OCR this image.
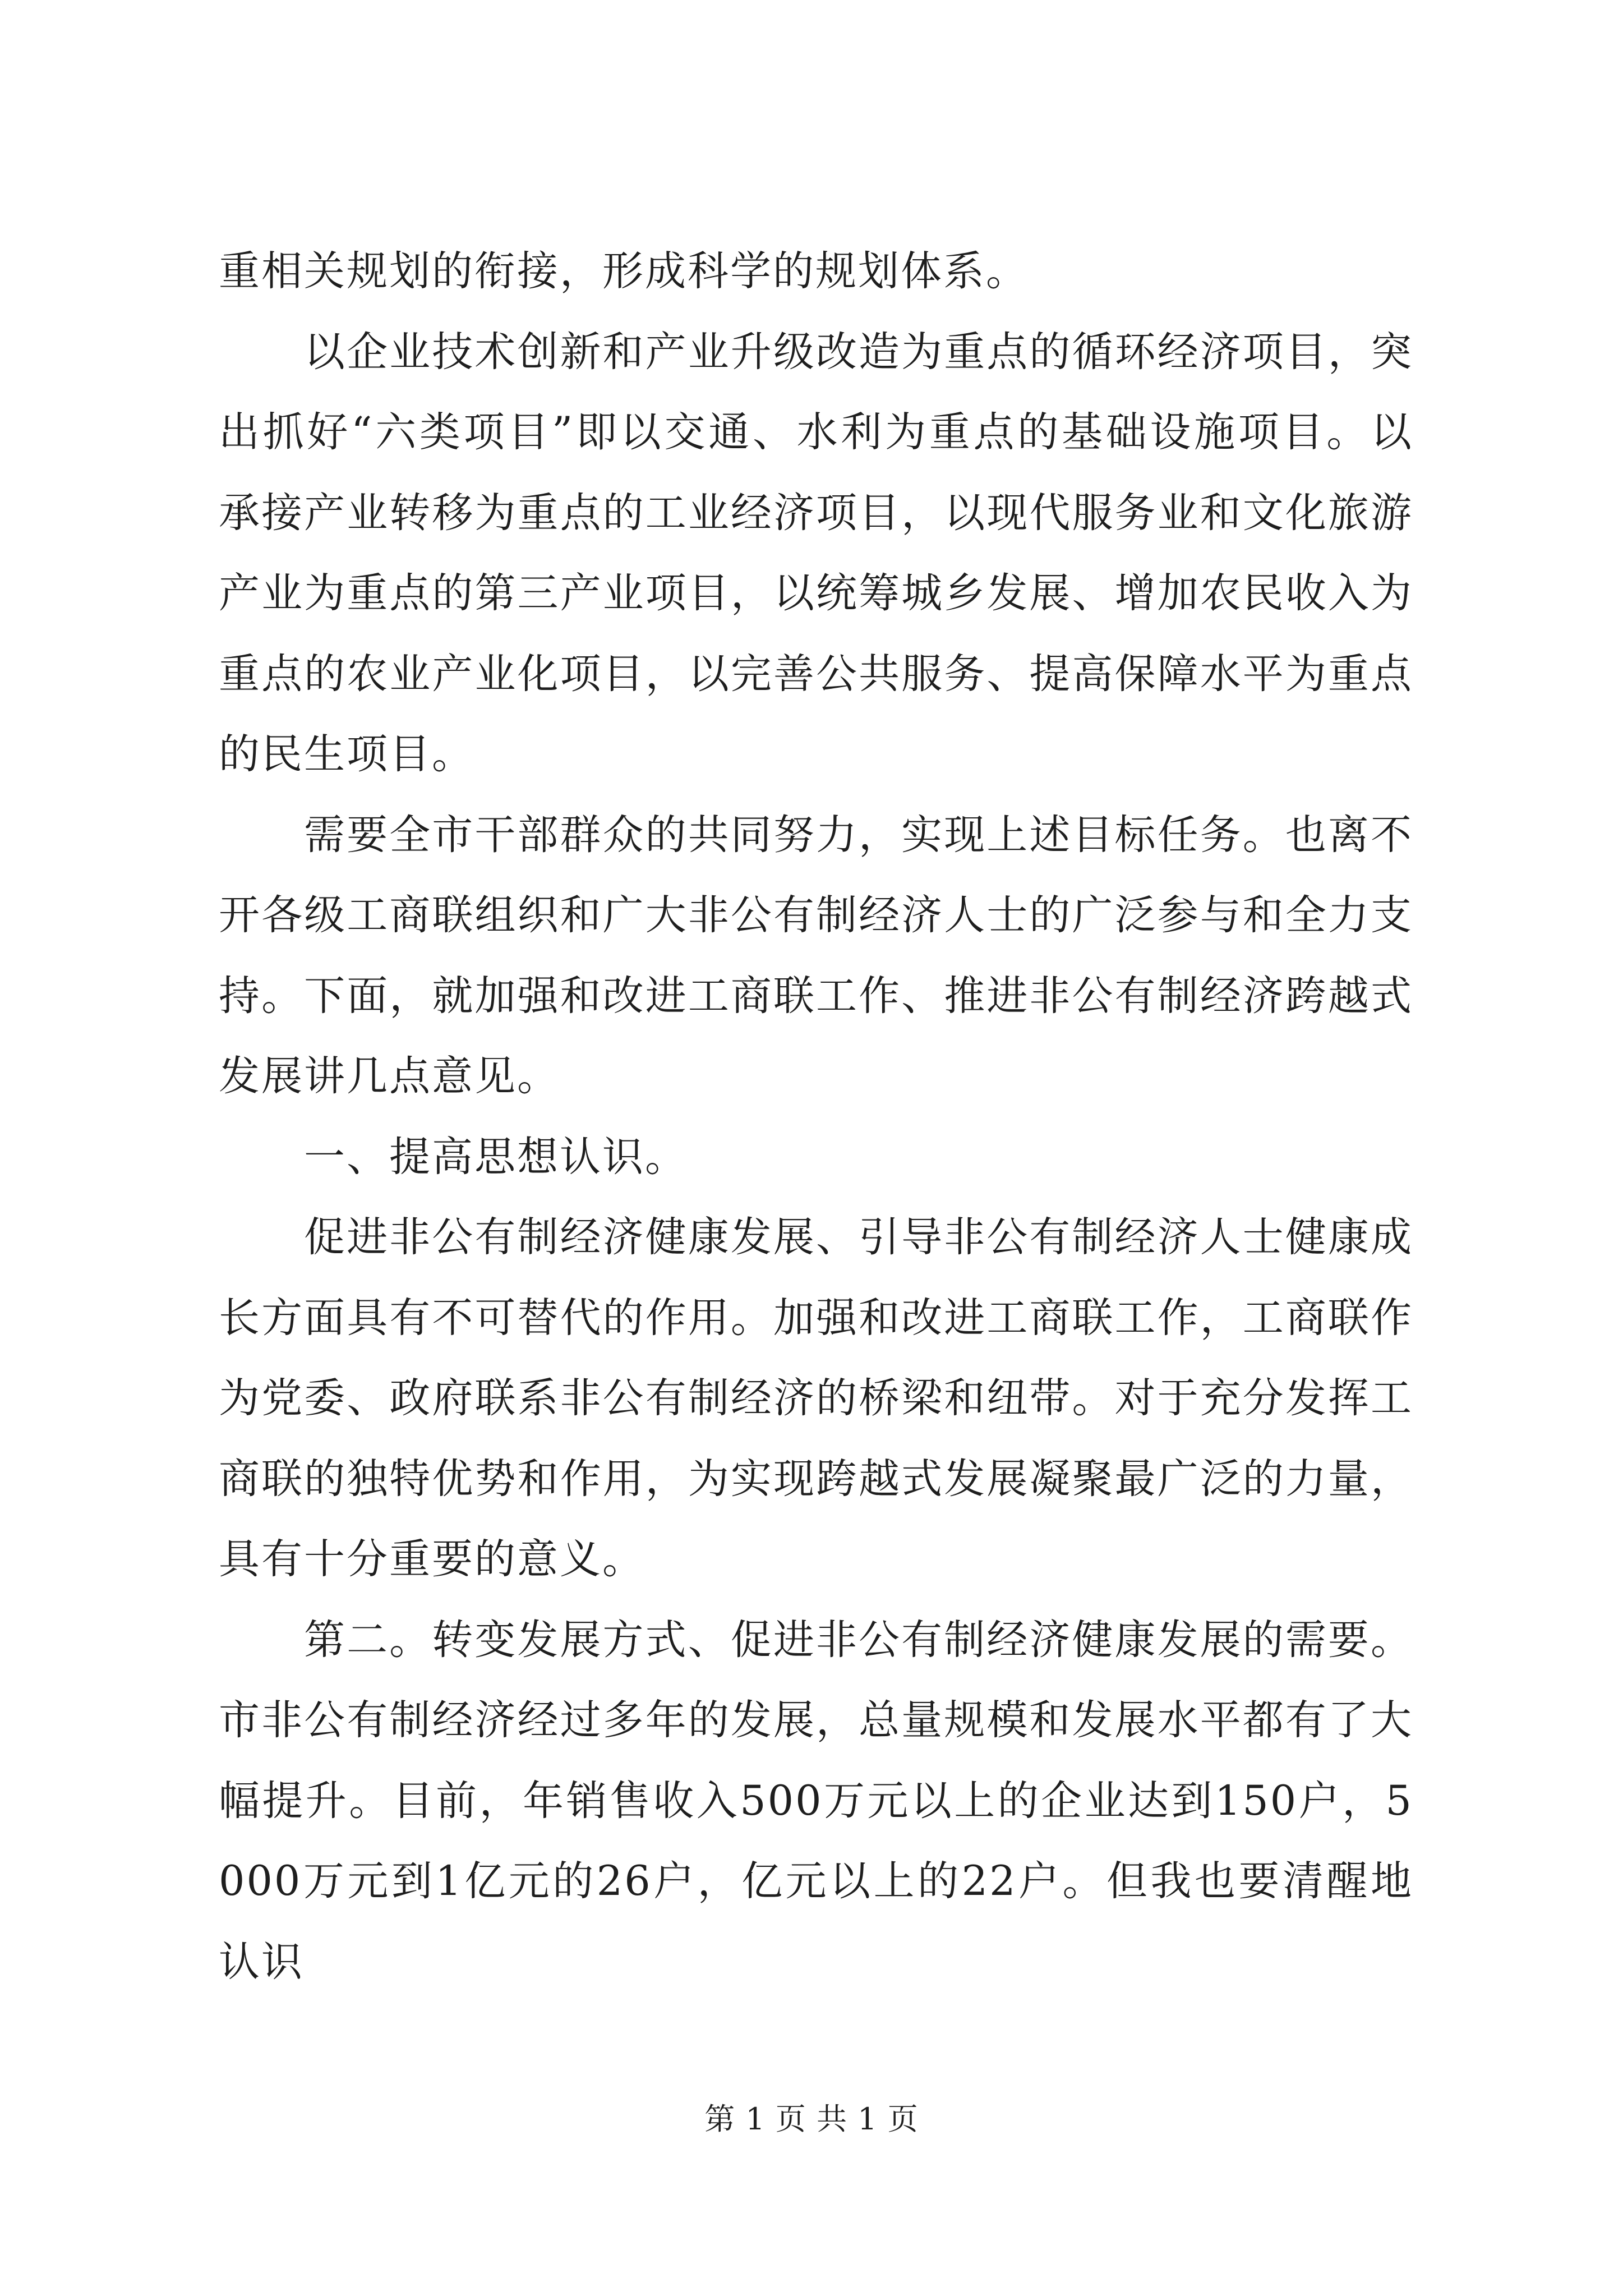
重相关规划的衔接，形成科学的规划体系。

以企业技术创新和产业升级改造为重点的循环经济项目，突出抓好“六类项目”即以交通、水利为重点的基础设施项目。以承接产业转移为重点的工业经济项目，以现代服务业和文化旅游产业为重点的第三产业项目，以统筹城乡发展、增加农民收入为重点的农业产业化项目，以完善公共服务、提高保障水平为重点的民生项目。

需要全市干部群众的共同努力，实现上述目标任务。也离不开各级工商联组织和广大非公有制经济人士的广泛参与和全力支持。下面，就加强和改进工商联工作、推进非公有制经济跨越式发展讲几点意见。

一、提高思想认识。

促进非公有制经济健康发展、引导非公有制经济人士健康成长方面具有不可替代的作用。加强和改进工商联工作，工商联作为党委、政府联系非公有制经济的桥梁和纽带。对于充分发挥工商联的独特优势和作用，为实现跨越式发展凝聚最广泛的力量，具有十分重要的意义。

第二。转变发展方式、促进非公有制经济健康发展的需要。市非公有制经济经过多年的发展，总量规模和发展水平都有了大幅提升。目前，年销售收入500万元以上的企业达到150户，5000万元到1亿元的26户，亿元以上的22户。但我也要清醒地认识

第 1 页 共 1 页
